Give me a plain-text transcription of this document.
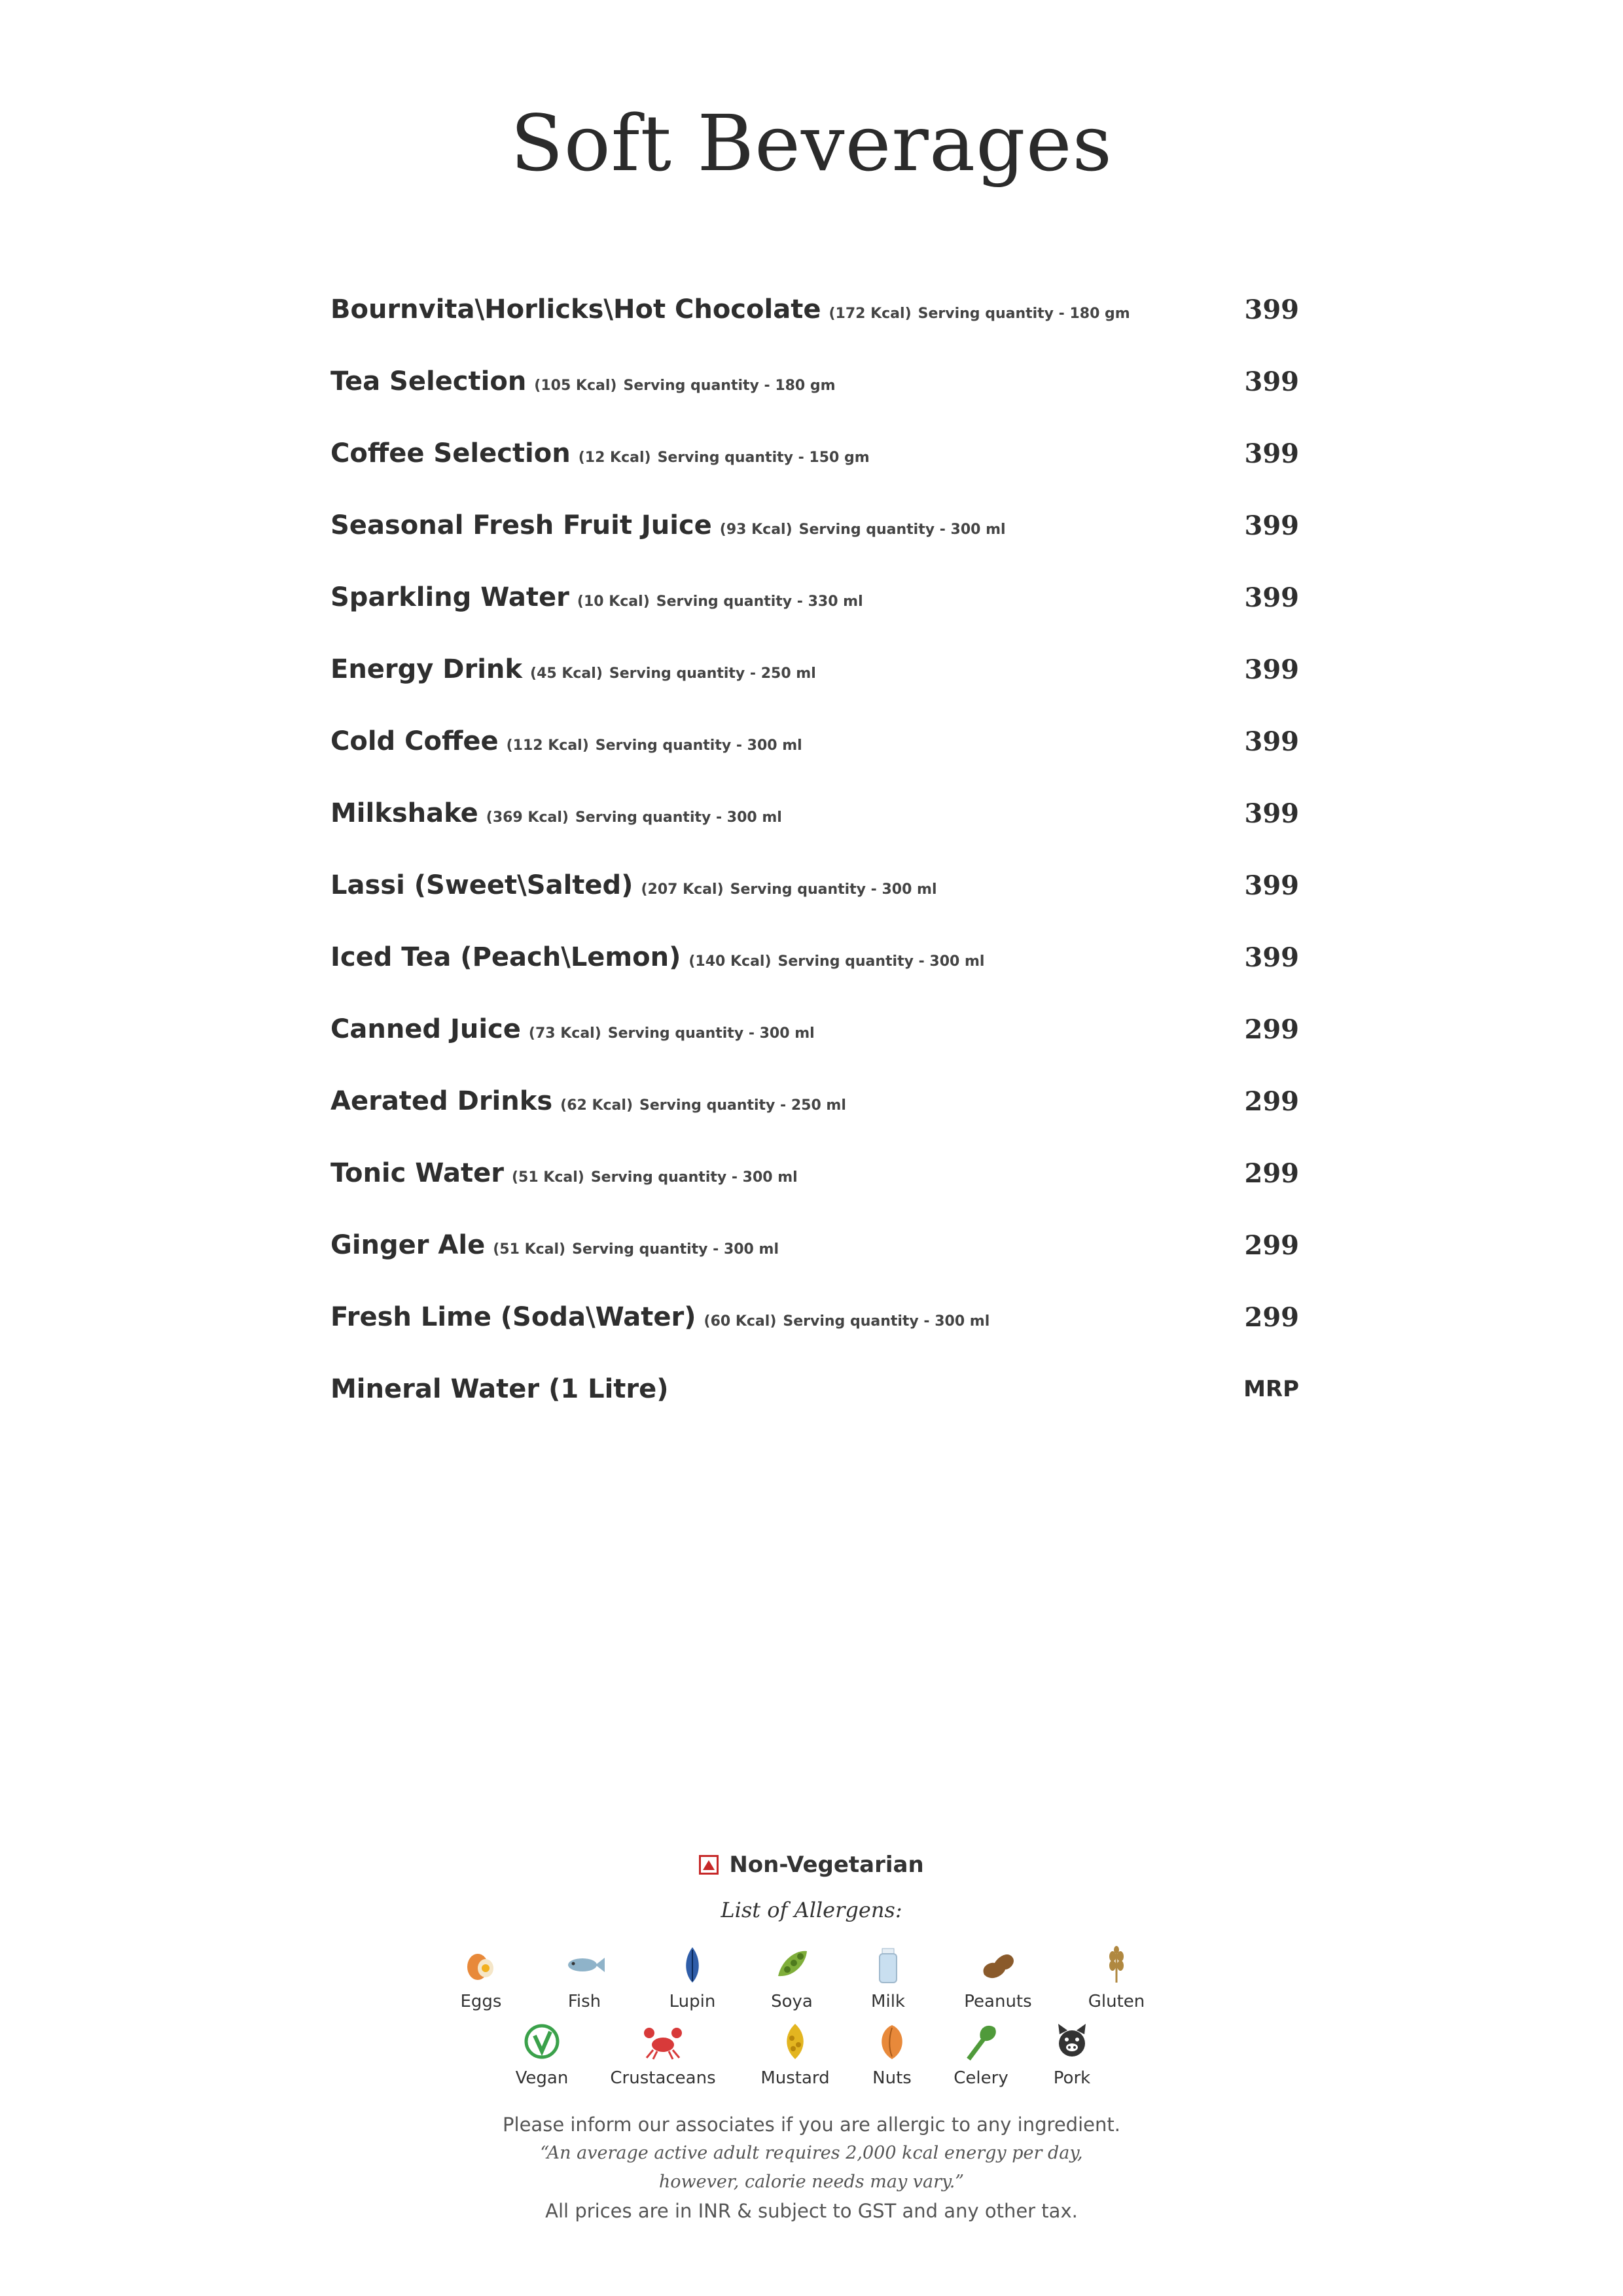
Soft Beverages
Bournvita\Horlicks\Hot Chocolate (172 Kcal) Serving quantity - 180 gm	399
Tea Selection (105 Kcal) Serving quantity - 180 gm	399
Coffee Selection (12 Kcal) Serving quantity - 150 gm	399
Seasonal Fresh Fruit Juice (93 Kcal) Serving quantity - 300 ml	399
Sparkling Water (10 Kcal) Serving quantity - 330 ml	399
Energy Drink (45 Kcal) Serving quantity - 250 ml	399
Cold Coffee (112 Kcal) Serving quantity - 300 ml	399
Milkshake (369 Kcal) Serving quantity - 300 ml	399
Lassi (Sweet\Salted) (207 Kcal) Serving quantity - 300 ml	399
Iced Tea (Peach\Lemon) (140 Kcal) Serving quantity - 300 ml	399
Canned Juice (73 Kcal) Serving quantity - 300 ml	299
Aerated Drinks (62 Kcal) Serving quantity - 250 ml	299
Tonic Water (51 Kcal) Serving quantity - 300 ml	299
Ginger Ale (51 Kcal) Serving quantity - 300 ml	299
Fresh Lime (Soda\Water) (60 Kcal) Serving quantity - 300 ml	299
Mineral Water (1 Litre)	MRP
Non-Vegetarian
List of Allergens:
Eggs	Fish	Lupin	Soya	Milk	Peanuts	Gluten
Vegan	Crustaceans	Mustard	Nuts	Celery	Pork
Please inform our associates if you are allergic to any ingredient.
“An average active adult requires 2,000 kcal energy per day,
however, calorie needs may vary.”
All prices are in INR & subject to GST and any other tax.
